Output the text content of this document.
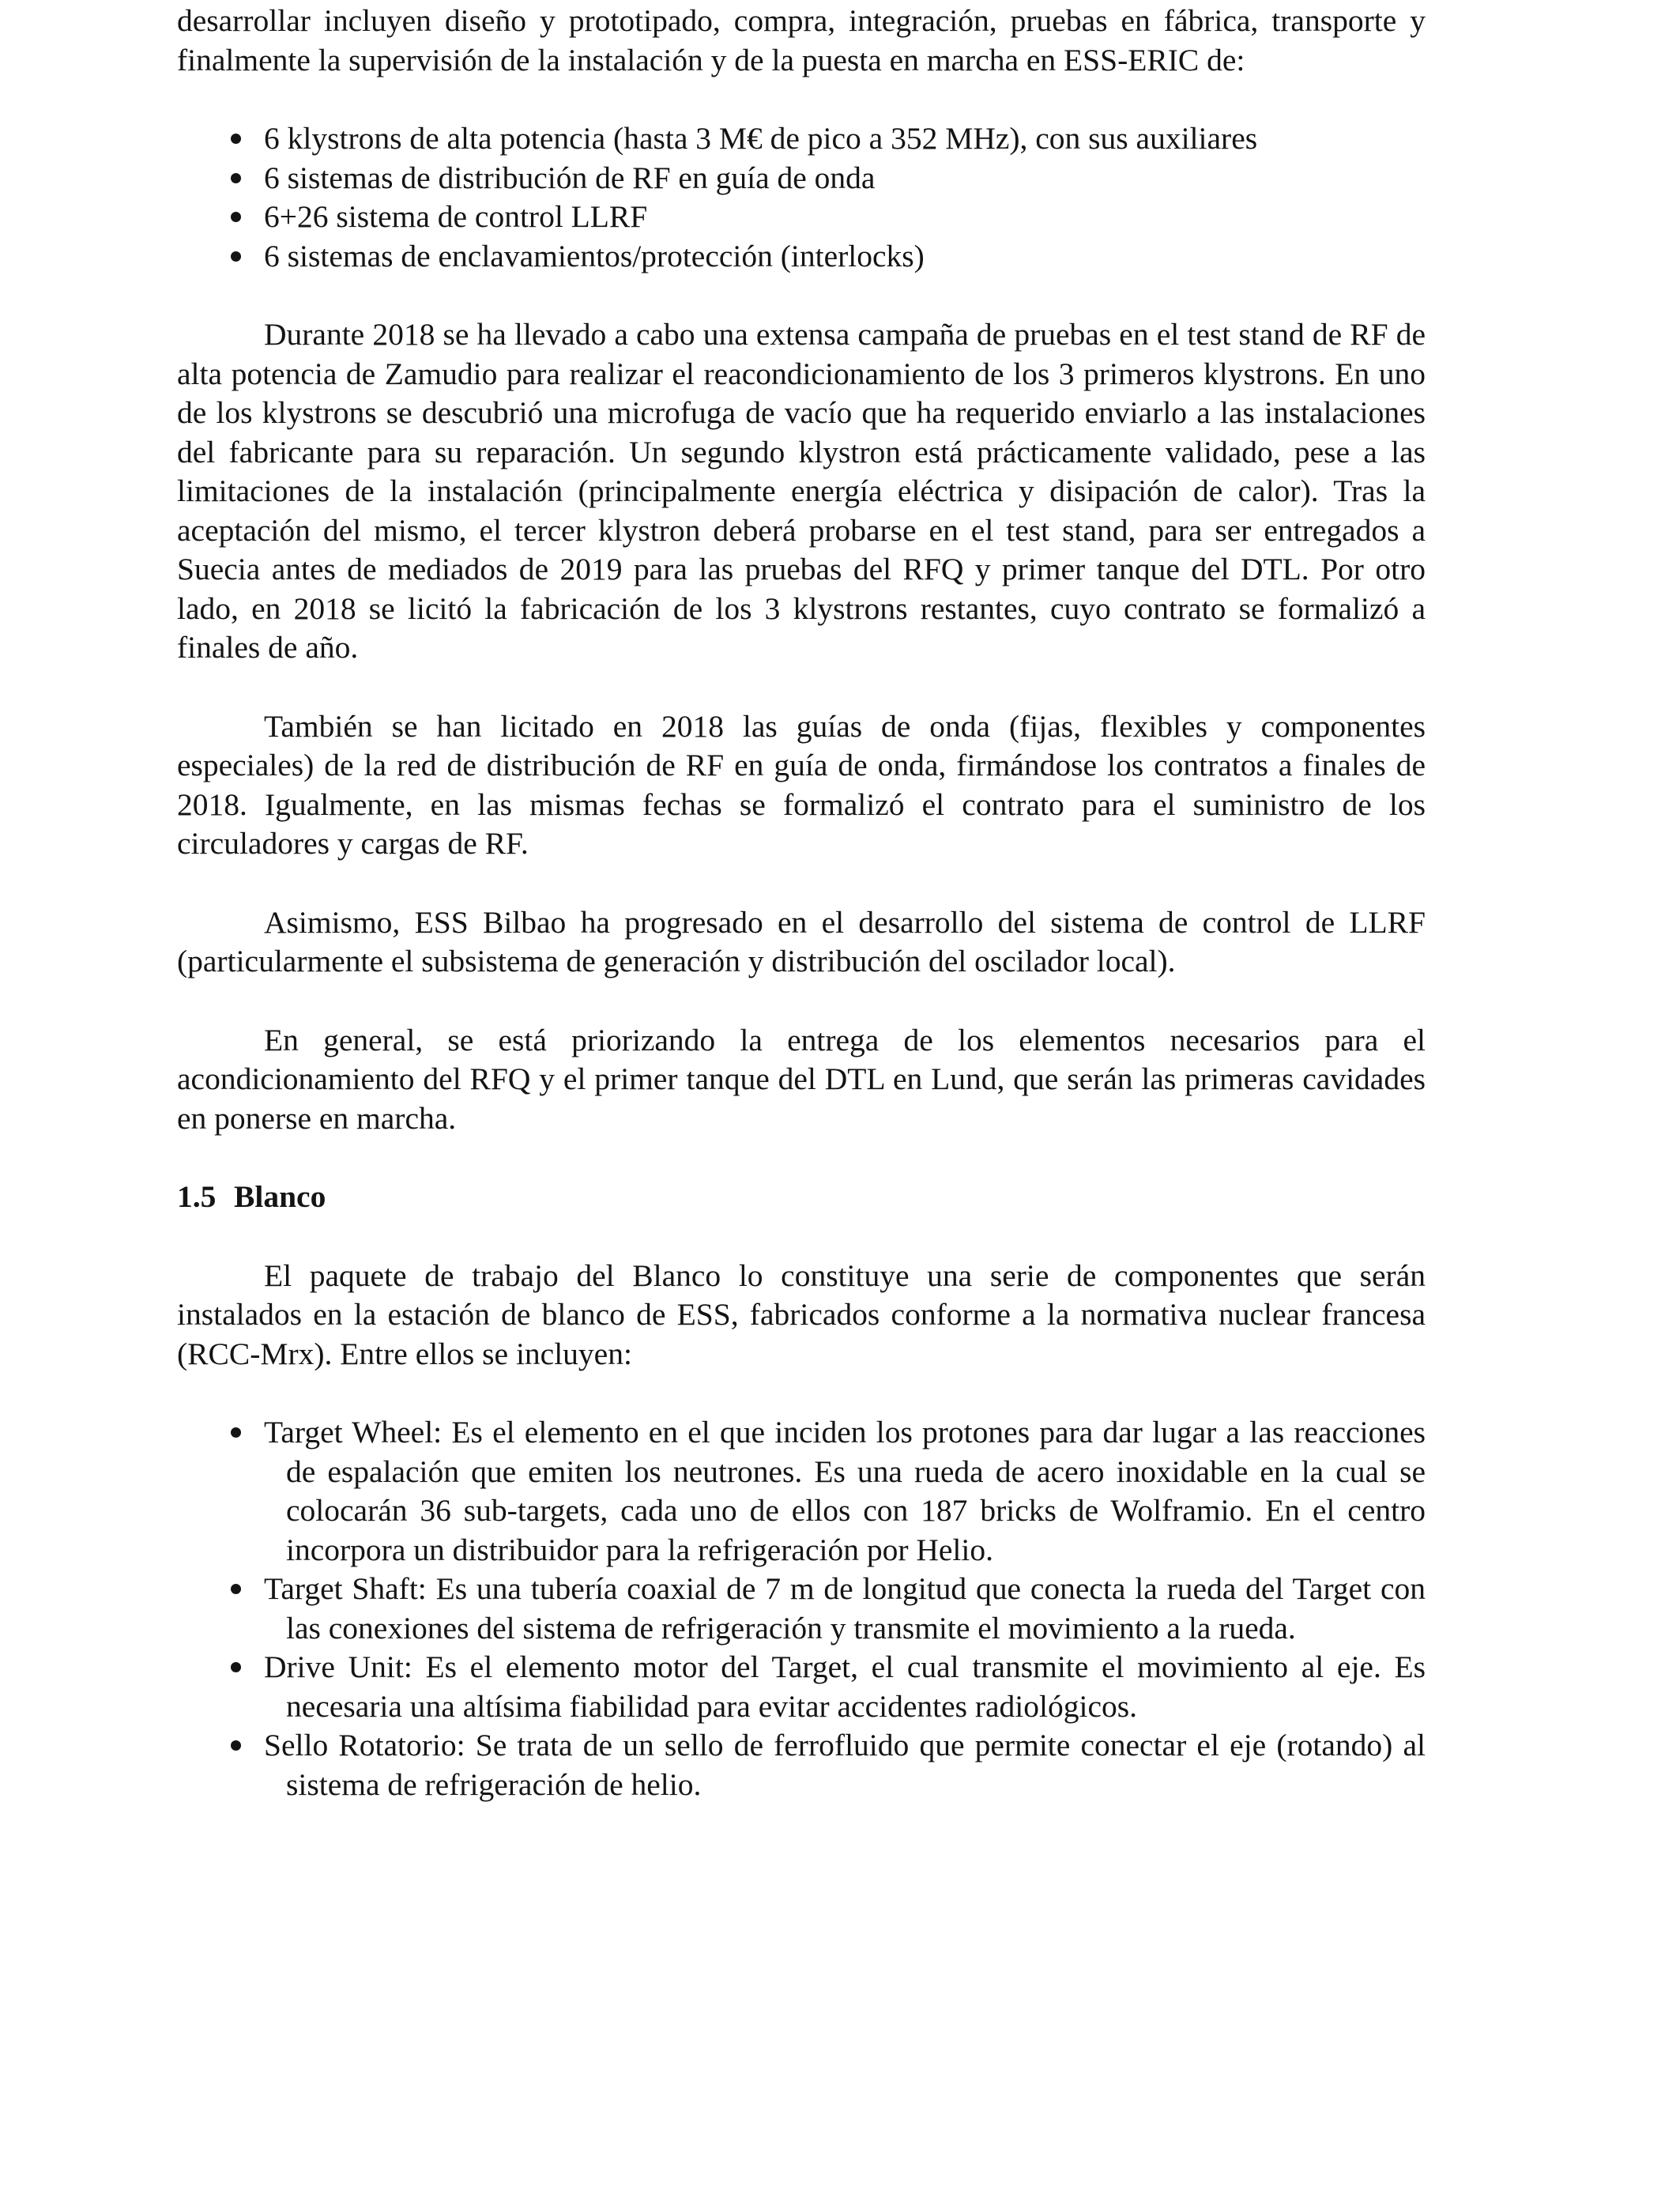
desarrollar incluyen diseño y prototipado, compra, integración, pruebas en fábrica, transporte y finalmente la supervisión de la instalación y de la puesta en marcha en ESS-ERIC de:

6 klystrons de alta potencia (hasta 3 M€ de pico a 352 MHz), con sus auxiliares
6 sistemas de distribución de RF en guía de onda
6+26 sistema de control LLRF
6 sistemas de enclavamientos/protección (interlocks)

Durante 2018 se ha llevado a cabo una extensa campaña de pruebas en el test stand de RF de alta potencia de Zamudio para realizar el reacondicionamiento de los 3 primeros klystrons. En uno de los klystrons se descubrió una microfuga de vacío que ha requerido enviarlo a las instalaciones del fabricante para su reparación. Un segundo klystron está prácticamente validado, pese a las limitaciones de la instalación (principalmente energía eléctrica y disipación de calor). Tras la aceptación del mismo, el tercer klystron deberá probarse en el test stand, para ser entregados a Suecia antes de mediados de 2019 para las pruebas del RFQ y primer tanque del DTL. Por otro lado, en 2018 se licitó la fabricación de los 3 klystrons restantes, cuyo contrato se formalizó a finales de año.

También se han licitado en 2018 las guías de onda (fijas, flexibles y componentes especiales) de la red de distribución de RF en guía de onda, firmándose los contratos a finales de 2018. Igualmente, en las mismas fechas se formalizó el contrato para el suministro de los circuladores y cargas de RF.

Asimismo, ESS Bilbao ha progresado en el desarrollo del sistema de control de LLRF (particularmente el subsistema de generación y distribución del oscilador local).

En general, se está priorizando la entrega de los elementos necesarios para el acondicionamiento del RFQ y el primer tanque del DTL en Lund, que serán las primeras cavidades en ponerse en marcha.

1.5 Blanco

El paquete de trabajo del Blanco lo constituye una serie de componentes que serán instalados en la estación de blanco de ESS, fabricados conforme a la normativa nuclear francesa (RCC-Mrx). Entre ellos se incluyen:

Target Wheel: Es el elemento en el que inciden los protones para dar lugar a las reacciones de espalación que emiten los neutrones. Es una rueda de acero inoxidable en la cual se colocarán 36 sub-targets, cada uno de ellos con 187 bricks de Wolframio. En el centro incorpora un distribuidor para la refrigeración por Helio.
Target Shaft: Es una tubería coaxial de 7 m de longitud que conecta la rueda del Target con las conexiones del sistema de refrigeración y transmite el movimiento a la rueda.
Drive Unit: Es el elemento motor del Target, el cual transmite el movimiento al eje. Es necesaria una altísima fiabilidad para evitar accidentes radiológicos.
Sello Rotatorio: Se trata de un sello de ferrofluido que permite conectar el eje (rotando) al sistema de refrigeración de helio.
